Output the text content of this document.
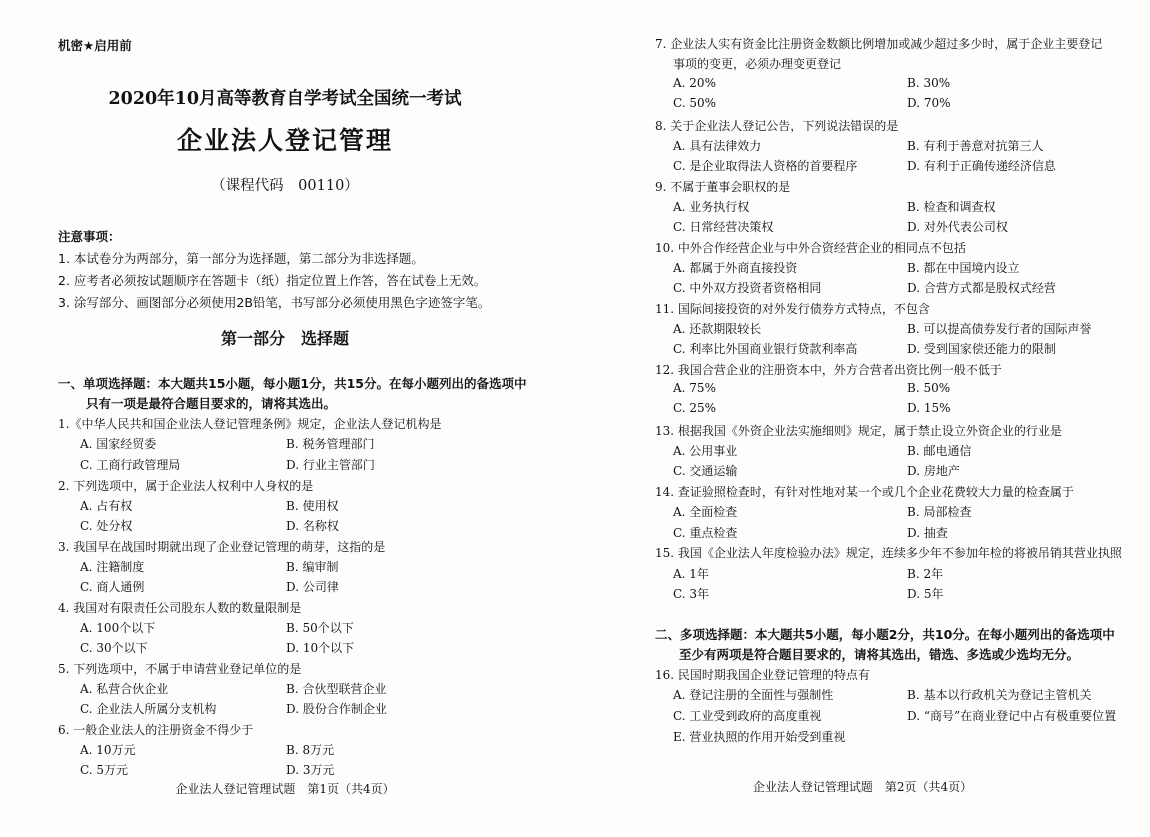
机密★启用前
2020年10月高等教育自学考试全国统一考试
企业法人登记管理
（课程代码　00110）
注意事项：
1. 本试卷分为两部分，第一部分为选择题，第二部分为非选择题。
2. 应考者必须按试题顺序在答题卡（纸）指定位置上作答，答在试卷上无效。
3. 涂写部分、画图部分必须使用2B铅笔，书写部分必须使用黑色字迹签字笔。
第一部分　选择题
一、单项选择题：本大题共15小题，每小题1分，共15分。在每小题列出的备选项中
只有一项是最符合题目要求的，请将其选出。
1.《中华人民共和国企业法人登记管理条例》规定，企业法人登记机构是
A. 国家经贸委	B. 税务管理部门
C. 工商行政管理局	D. 行业主管部门
2. 下列选项中，属于企业法人权利中人身权的是
A. 占有权	B. 使用权
C. 处分权	D. 名称权
3. 我国早在战国时期就出现了企业登记管理的萌芽，这指的是
A. 注籍制度	B. 编审制
C. 商人通例	D. 公司律
4. 我国对有限责任公司股东人数的数量限制是
A. 100个以下	B. 50个以下
C. 30个以下	D. 10个以下
5. 下列选项中，不属于申请营业登记单位的是
A. 私营合伙企业	B. 合伙型联营企业
C. 企业法人所属分支机构	D. 股份合作制企业
6. 一般企业法人的注册资金不得少于
A. 10万元	B. 8万元
C. 5万元	D. 3万元
企业法人登记管理试题　第1页（共4页）
7. 企业法人实有资金比注册资金数额比例增加或减少超过多少时，属于企业主要登记
事项的变更，必须办理变更登记
A. 20%	B. 30%
C. 50%	D. 70%
8. 关于企业法人登记公告，下列说法错误的是
A. 具有法律效力	B. 有利于善意对抗第三人
C. 是企业取得法人资格的首要程序	D. 有利于正确传递经济信息
9. 不属于董事会职权的是
A. 业务执行权	B. 检查和调查权
C. 日常经营决策权	D. 对外代表公司权
10. 中外合作经营企业与中外合资经营企业的相同点不包括
A. 都属于外商直接投资	B. 都在中国境内设立
C. 中外双方投资者资格相同	D. 合营方式都是股权式经营
11. 国际间接投资的对外发行债券方式特点，不包含
A. 还款期限较长	B. 可以提高债券发行者的国际声誉
C. 利率比外国商业银行贷款利率高	D. 受到国家偿还能力的限制
12. 我国合营企业的注册资本中，外方合营者出资比例一般不低于
A. 75%	B. 50%
C. 25%	D. 15%
13. 根据我国《外资企业法实施细则》规定，属于禁止设立外资企业的行业是
A. 公用事业	B. 邮电通信
C. 交通运输	D. 房地产
14. 查证验照检查时，有针对性地对某一个或几个企业花费较大力量的检查属于
A. 全面检查	B. 局部检查
C. 重点检查	D. 抽查
15. 我国《企业法人年度检验办法》规定，连续多少年不参加年检的将被吊销其营业执照
A. 1年	B. 2年
C. 3年	D. 5年
二、多项选择题：本大题共5小题，每小题2分，共10分。在每小题列出的备选项中
至少有两项是符合题目要求的，请将其选出，错选、多选或少选均无分。
16. 民国时期我国企业登记管理的特点有
A. 登记注册的全面性与强制性	B. 基本以行政机关为登记主管机关
C. 工业受到政府的高度重视	D. “商号”在商业登记中占有极重要位置
E. 营业执照的作用开始受到重视
企业法人登记管理试题　第2页（共4页）
